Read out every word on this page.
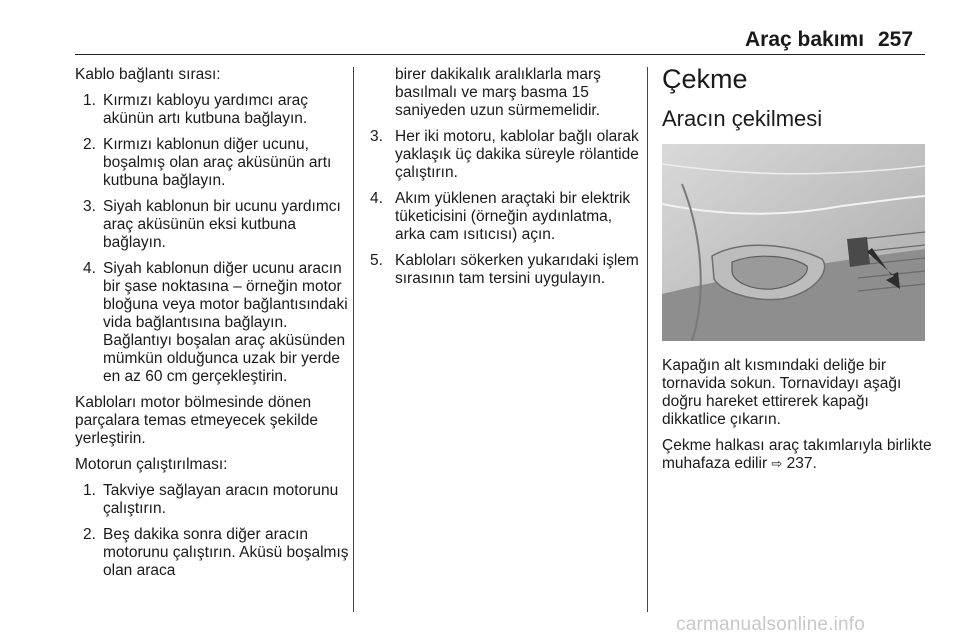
Araç bakımı 257

Kablo bağlantı sırası:

1. Kırmızı kabloyu yardımcı araç akünün artı kutbuna bağlayın.
2. Kırmızı kablonun diğer ucunu, boşalmış olan araç aküsünün artı kutbuna bağlayın.
3. Siyah kablonun bir ucunu yardımcı araç aküsünün eksi kutbuna bağlayın.
4. Siyah kablonun diğer ucunu aracın bir şase noktasına – örneğin motor bloğuna veya motor bağlantısındaki vida bağlantısına bağlayın. Bağlantıyı boşalan araç aküsünden mümkün olduğunca uzak bir yerde en az 60 cm gerçekleştirin.

Kabloları motor bölmesinde dönen parçalara temas etmeyecek şekilde yerleştirin.

Motorun çalıştırılması:

1. Takviye sağlayan aracın motorunu çalıştırın.
2. Beş dakika sonra diğer aracın motorunu çalıştırın. Aküsü boşalmış olan araca

birer dakikalık aralıklarla marş basılmalı ve marş basma 15 saniyeden uzun sürmemelidir.

3. Her iki motoru, kablolar bağlı olarak yaklaşık üç dakika süreyle rölantide çalıştırın.
4. Akım yüklenen araçtaki bir elektrik tüketicisini (örneğin aydınlatma, arka cam ısıtıcısı) açın.
5. Kabloları sökerken yukarıdaki işlem sırasının tam tersini uygulayın.
Çekme
Aracın çekilmesi

Kapağın alt kısmındaki deliğe bir tornavida sokun. Tornavidayı aşağı doğru hareket ettirerek kapağı dikkatlice çıkarın.

Çekme halkası araç takımlarıyla birlikte muhafaza edilir ⇨ 237.

carmanualsonline.info
